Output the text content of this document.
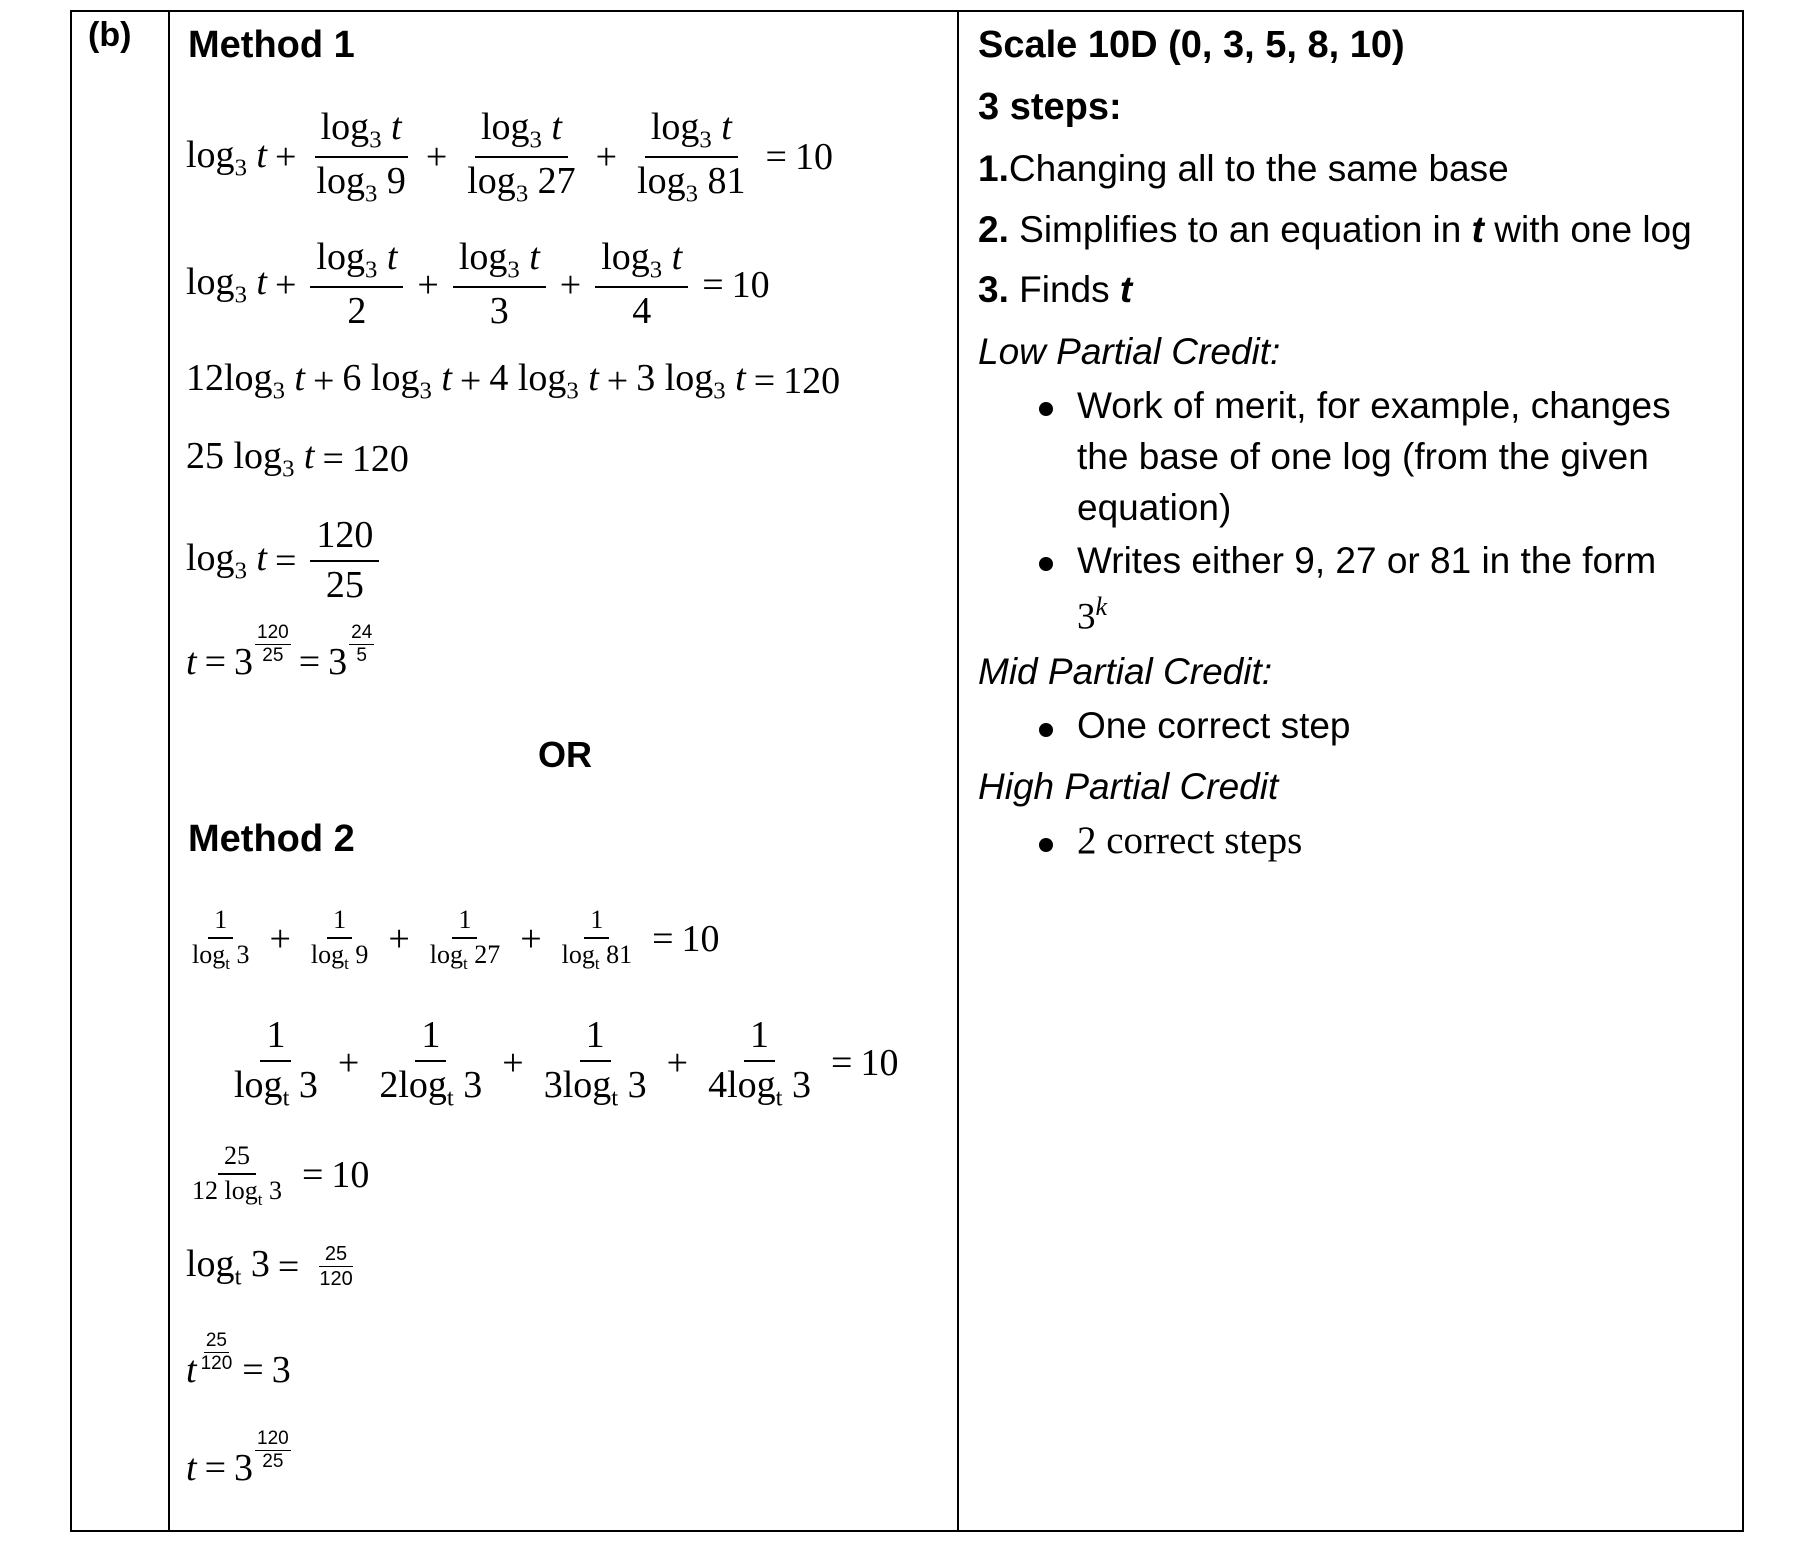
(b) Method 1
$\log_3 t + \frac{\log_3 t}{\log_3 9} + \frac{\log_3 t}{\log_3 27} + \frac{\log_3 t}{\log_3 81} = 10$
$\log_3 t + \frac{\log_3 t}{2} + \frac{\log_3 t}{3} + \frac{\log_3 t}{4} = 10$
$12\log_3$ t + 6 $\log_3 t + 4$ $\log_3 t + 3$ $\log_3 t = 120$
25 $\log_3 t = 120$
$\log_3 t = \frac{120}{25}$
$t = 3 \frac{120}{25} = 3$
24
5
OR
Method 2
$\frac{1}{\log_t 3} + \frac{1}{\log_t 9} + \frac{1}{\log_t 27} + \frac{1}{\log_t 81} = 10$
$\frac{1}{\log_t 3} + \frac{1}{2\log_t 3} + \frac{1}{3\log_t 3} + \frac{1}{4\log_t 3} = 10$
$\frac{25}{12 \log_t 3} = 10$
$\log_t 3 = \frac{25}{120}$
t $\frac{25}{120} = 3$
t = 3
120
25
Scale 10D (0, 3, 5, 8, 10)
3 steps:
1.Changing all to the same base
2. Simplifies to an equation in t with one log
3. Finds t
Low Partial Credit:
Work of merit, for example, changes
the base of one log (from the given
equation)
Writes either 9, 27 or 81 in the form
3$^k$
Mid Partial Credit:
One correct step
High Partial Credit
2 correct steps
